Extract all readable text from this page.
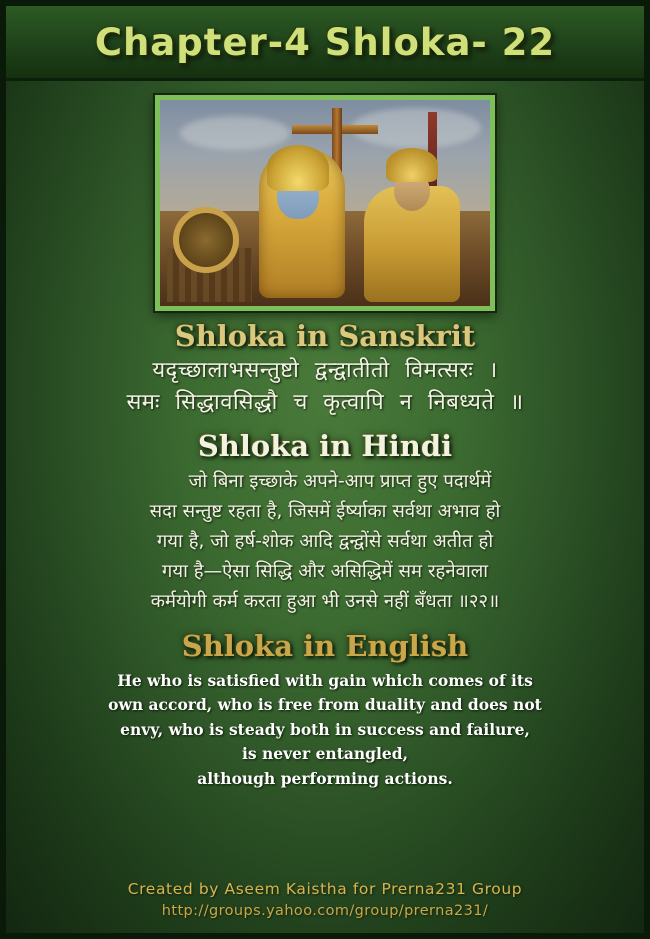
Chapter-4 Shloka- 22
Shloka in Sanskrit
यदृच्छालाभसन्तुष्टो द्वन्द्वातीतो विमत्सरः ।
समः सिद्धावसिद्धौ च कृत्वापि न निबध्यते ॥
Shloka in Hindi
जो बिना इच्छाके अपने-आप प्राप्त हुए पदार्थमें
सदा सन्तुष्ट रहता है, जिसमें ईर्ष्याका सर्वथा अभाव हो
गया है, जो हर्ष-शोक आदि द्वन्द्वोंसे सर्वथा अतीत हो
गया है—ऐसा सिद्धि और असिद्धिमें सम रहनेवाला
कर्मयोगी कर्म करता हुआ भी उनसे नहीं बँधता ॥२२॥
Shloka in English
He who is satisfied with gain which comes of its
own accord, who is free from duality and does not
envy, who is steady both in success and failure,
is never entangled,
although performing actions.
Created by Aseem Kaistha for Prerna231 Group
http://groups.yahoo.com/group/prerna231/
